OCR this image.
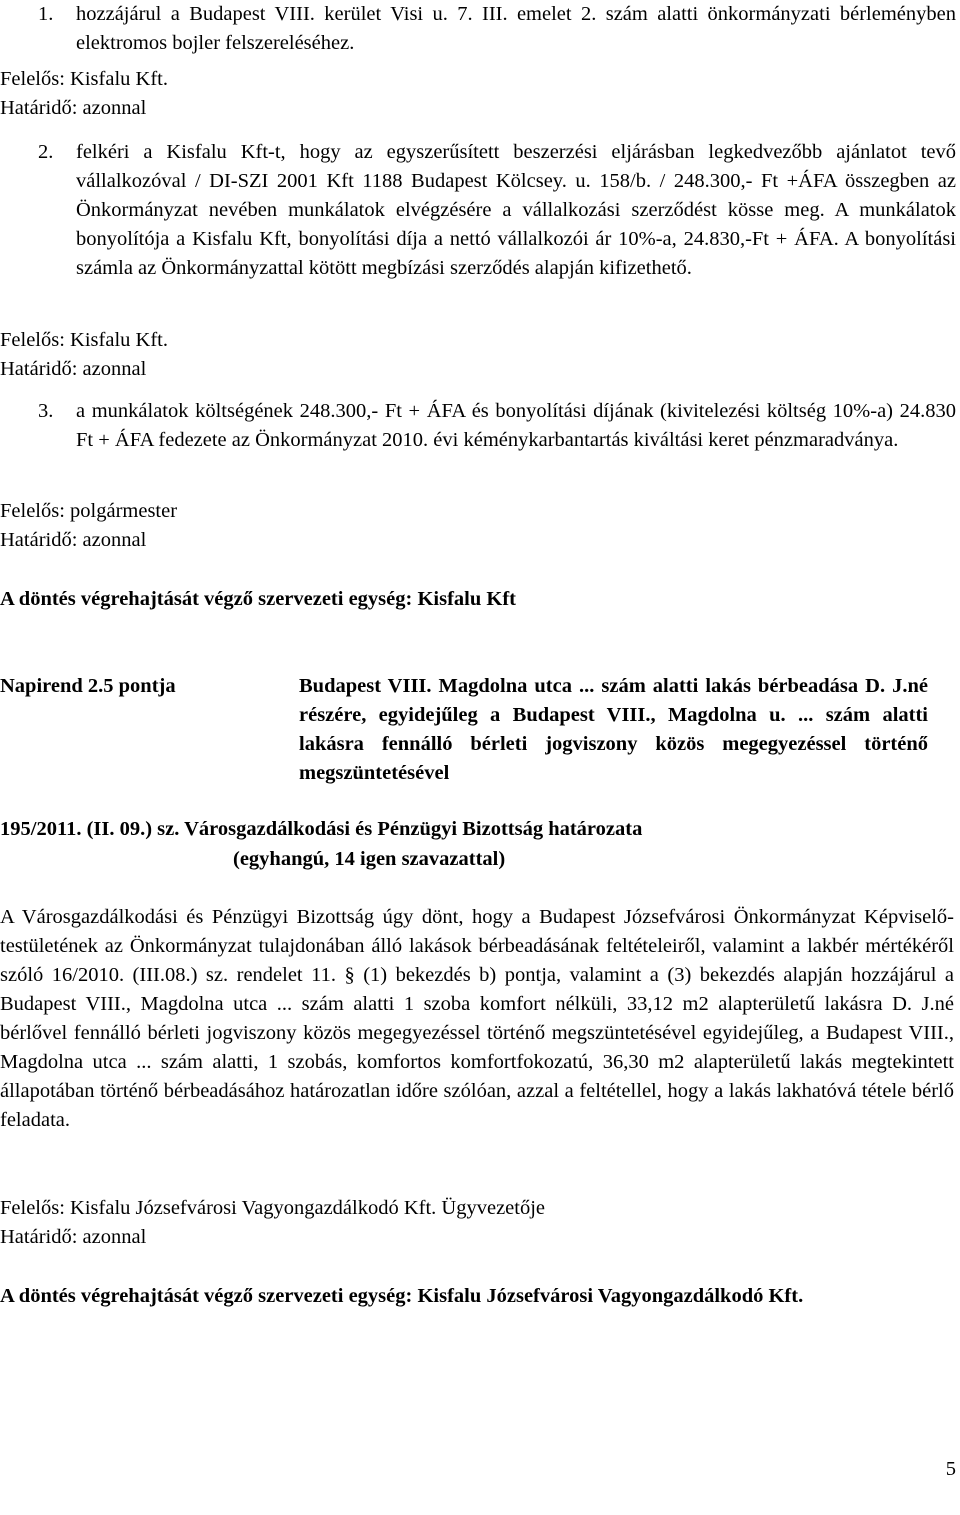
1. hozzájárul a Budapest VIII. kerület Visi u. 7. III. emelet 2. szám alatti önkormányzati bérleményben elektromos bojler felszereléséhez.
Felelős: Kisfalu Kft.
Határidő: azonnal
2. felkéri a Kisfalu Kft-t, hogy az egyszerűsített beszerzési eljárásban legkedvezőbb ajánlatot tevő vállalkozóval / DI-SZI 2001 Kft 1188 Budapest Kölcsey. u. 158/b. / 248.300,- Ft +ÁFA összegben az Önkormányzat nevében munkálatok elvégzésére a vállalkozási szerződést kösse meg. A munkálatok bonyolítója a Kisfalu Kft, bonyolítási díja a nettó vállalkozói ár 10%-a, 24.830,-Ft + ÁFA. A bonyolítási számla az Önkormányzattal kötött megbízási szerződés alapján kifizethető.
Felelős: Kisfalu Kft.
Határidő: azonnal
3. a munkálatok költségének 248.300,- Ft + ÁFA és bonyolítási díjának (kivitelezési költség 10%-a) 24.830 Ft + ÁFA fedezete az Önkormányzat 2010. évi kéménykarbantartás kiváltási keret pénzmaradványa.
Felelős: polgármester
Határidő: azonnal
A döntés végrehajtását végző szervezeti egység: Kisfalu Kft
Napirend 2.5 pontja	Budapest VIII. Magdolna utca ... szám alatti lakás bérbeadása D. J.né részére, egyidejűleg a Budapest VIII., Magdolna u. ... szám alatti lakásra fennálló bérleti jogviszony közös megegyezéssel történő megszüntetésével
195/2011. (II. 09.) sz. Városgazdálkodási és Pénzügyi Bizottság határozata
(egyhangú, 14 igen szavazattal)
A Városgazdálkodási és Pénzügyi Bizottság úgy dönt, hogy a Budapest Józsefvárosi Önkormányzat Képviselő-testületének az Önkormányzat tulajdonában álló lakások bérbeadásának feltételeiről, valamint a lakbér mértékéről szóló 16/2010. (III.08.) sz. rendelet 11. § (1) bekezdés b) pontja, valamint a (3) bekezdés alapján hozzájárul a Budapest VIII., Magdolna utca ... szám alatti 1 szoba komfort nélküli, 33,12 m2 alapterületű lakásra D. J.né bérlővel fennálló bérleti jogviszony közös megegyezéssel történő megszüntetésével egyidejűleg, a Budapest VIII., Magdolna utca ... szám alatti, 1 szobás, komfortos komfortfokozatú, 36,30 m2 alapterületű lakás megtekintett állapotában történő bérbeadásához határozatlan időre szólóan, azzal a feltétellel, hogy a lakás lakhatóvá tétele bérlő feladata.
Felelős: Kisfalu Józsefvárosi Vagyongazdálkodó Kft. Ügyvezetője
Határidő: azonnal
A döntés végrehajtását végző szervezeti egység: Kisfalu Józsefvárosi Vagyongazdálkodó Kft.
5
